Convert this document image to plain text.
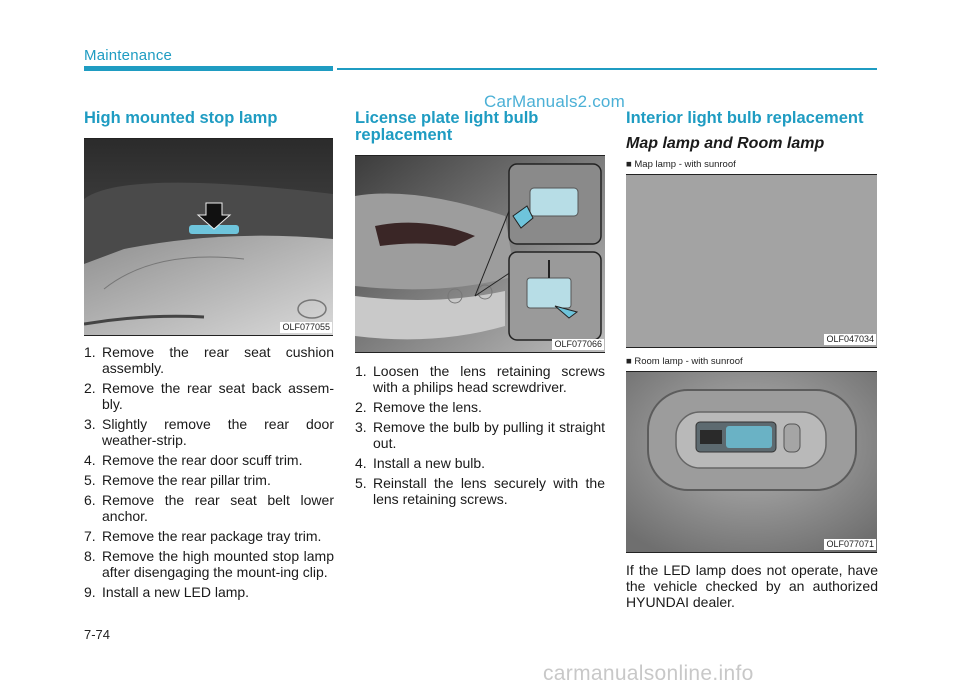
Maintenance
CarManuals2.com
High mounted stop lamp
OLF077055
1. Remove the rear seat cushion assembly.
2. Remove the rear seat back assem-bly.
3. Slightly remove the rear door weather-strip.
4. Remove the rear door scuff trim.
5. Remove the rear pillar trim.
6. Remove the rear seat belt lower anchor.
7. Remove the rear package tray trim.
8. Remove the high mounted stop lamp after disengaging the mount-ing clip.
9. Install a new LED lamp.
License plate light bulb replacement
OLF077066
1. Loosen the lens retaining screws with a philips head screwdriver.
2. Remove the lens.
3. Remove the bulb by pulling it straight out.
4. Install a new bulb.
5. Reinstall the lens securely with the lens retaining screws.
Interior light bulb replacement
Map lamp and Room lamp
■ Map lamp - with sunroof
OLF047034
■ Room lamp - with sunroof
OLF077071

If the LED lamp does not operate, have the vehicle checked by an authorized HYUNDAI dealer.

7-74
carmanualsonline.info
